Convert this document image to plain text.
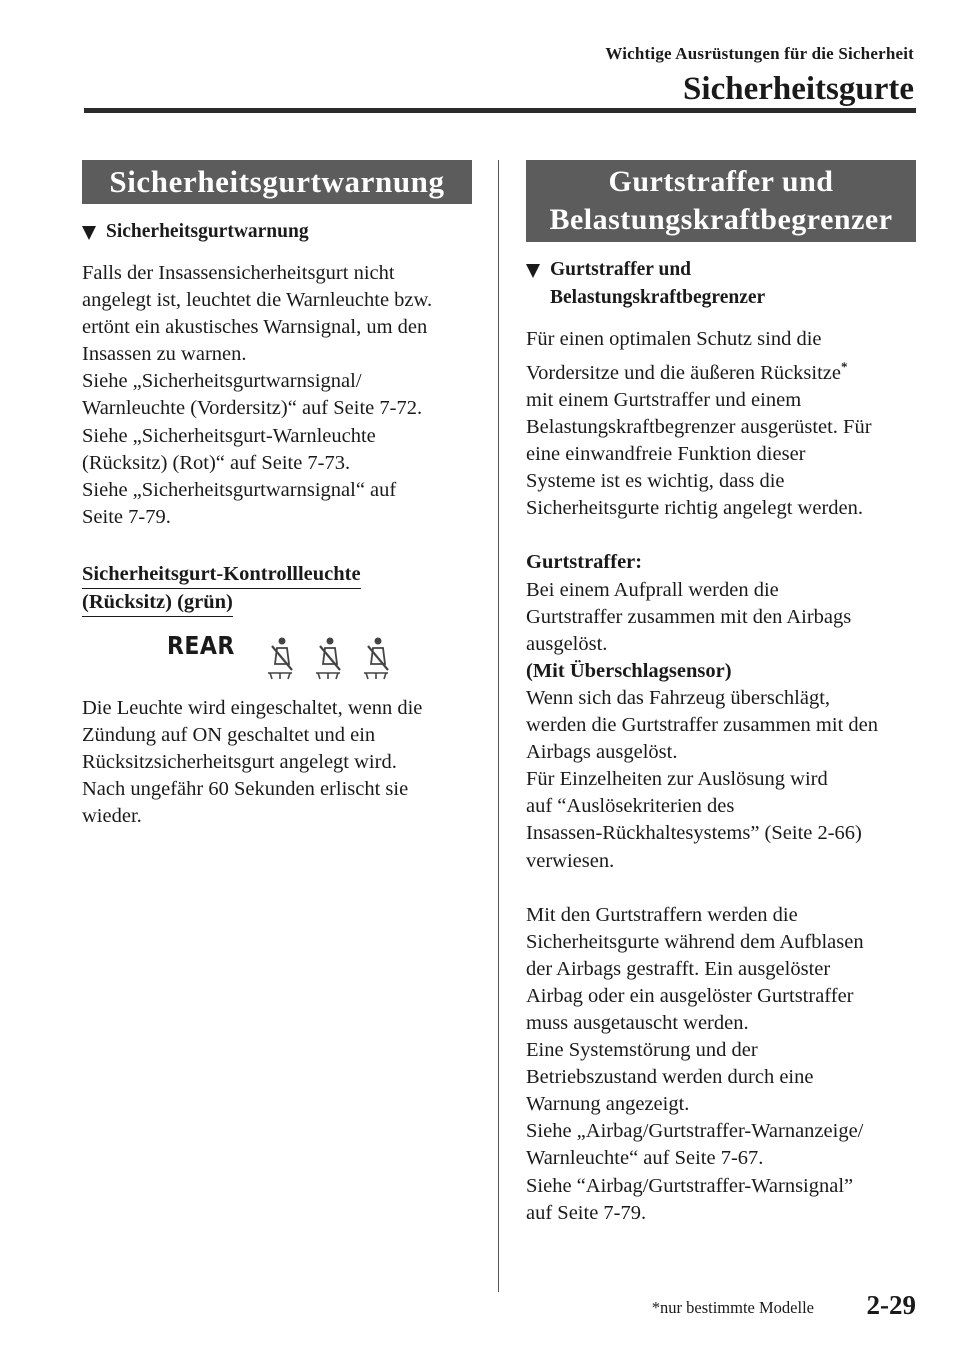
Wichtige Ausrüstungen für die Sicherheit
Sicherheitsgurte
Sicherheitsgurtwarnung
Sicherheitsgurtwarnung
Falls der Insassensicherheitsgurt nicht
angelegt ist, leuchtet die Warnleuchte bzw.
ertönt ein akustisches Warnsignal, um den
Insassen zu warnen.
Siehe „Sicherheitsgurtwarnsignal/
Warnleuchte (Vordersitz)“ auf Seite 7-72.
Siehe „Sicherheitsgurt-Warnleuchte
(Rücksitz) (Rot)“ auf Seite 7-73.
Siehe „Sicherheitsgurtwarnsignal“ auf
Seite 7-79.
Sicherheitsgurt-Kontrollleuchte
(Rücksitz) (grün)
REAR
Die Leuchte wird eingeschaltet, wenn die
Zündung auf ON geschaltet und ein
Rücksitzsicherheitsgurt angelegt wird.
Nach ungefähr 60 Sekunden erlischt sie
wieder.
Gurtstraffer und
Belastungskraftbegrenzer
Gurtstraffer und
Belastungskraftbegrenzer
Für einen optimalen Schutz sind die
Vordersitze und die äußeren Rücksitze*
mit einem Gurtstraffer und einem
Belastungskraftbegrenzer ausgerüstet. Für
eine einwandfreie Funktion dieser
Systeme ist es wichtig, dass die
Sicherheitsgurte richtig angelegt werden.
Gurtstraffer:
Bei einem Aufprall werden die
Gurtstraffer zusammen mit den Airbags
ausgelöst.
(Mit Überschlagsensor)
Wenn sich das Fahrzeug überschlägt,
werden die Gurtstraffer zusammen mit den
Airbags ausgelöst.
Für Einzelheiten zur Auslösung wird
auf “Auslösekriterien des
Insassen-Rückhaltesystems” (Seite 2-66)
verwiesen.
Mit den Gurtstraffern werden die
Sicherheitsgurte während dem Aufblasen
der Airbags gestrafft. Ein ausgelöster
Airbag oder ein ausgelöster Gurtstraffer
muss ausgetauscht werden.
Eine Systemstörung und der
Betriebszustand werden durch eine
Warnung angezeigt.
Siehe „Airbag/Gurtstraffer-Warnanzeige/
Warnleuchte“ auf Seite 7-67.
Siehe “Airbag/Gurtstraffer-Warnsignal”
auf Seite 7-79.
*nur bestimmte Modelle 2-29
